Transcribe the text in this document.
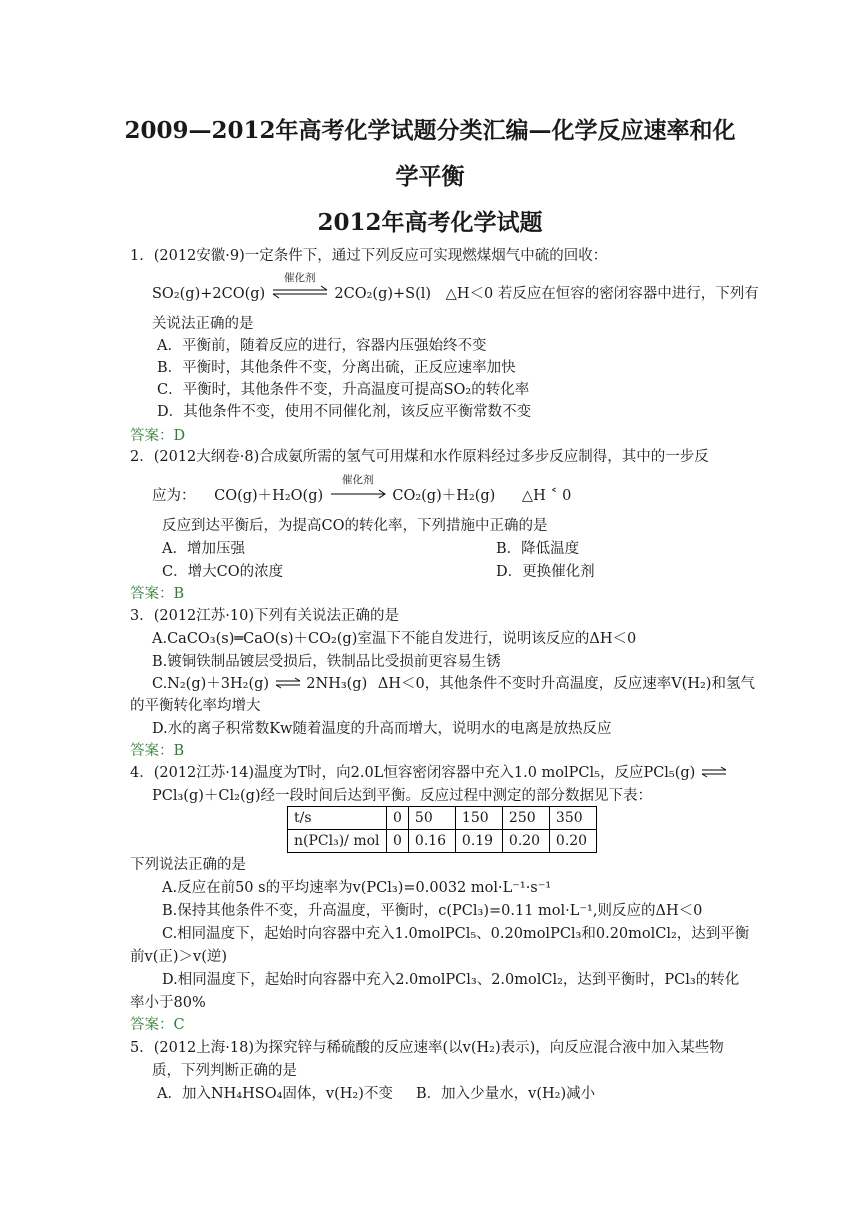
2009—2012年高考化学试题分类汇编—化学反应速率和化
学平衡
2012年高考化学试题
1．(2012安徽·9)一定条件下，通过下列反应可实现燃煤烟气中硫的回收：
SO₂(g)+2CO(g)
催化剂
2CO₂(g)+S(l) △H＜0 若反应在恒容的密闭容器中进行，下列有
关说法正确的是
A．平衡前，随着反应的进行，容器内压强始终不变
B．平衡时，其他条件不变，分离出硫，正反应速率加快
C．平衡时，其他条件不变，升高温度可提高SO₂的转化率
D．其他条件不变，使用不同催化剂，该反应平衡常数不变
答案：D
2．(2012大纲卷·8)合成氨所需的氢气可用煤和水作原料经过多步反应制得，其中的一步反
应为： CO(g)＋H₂O(g)
催化剂
CO₂(g)＋H₂(g) △H ˂ 0
反应到达平衡后，为提高CO的转化率，下列措施中正确的是
A．增加压强	B．降低温度
C．增大CO的浓度	D．更换催化剂
答案：B
3．(2012江苏·10)下列有关说法正确的是
A.CaCO₃(s)═CaO(s)＋CO₂(g)室温下不能自发进行，说明该反应的ΔH＜0
B.镀铜铁制品镀层受损后，铁制品比受损前更容易生锈
C.N₂(g)＋3H₂(g)	2NH₃(g) ΔH＜0，其他条件不变时升高温度，反应速率V(H₂)和氢气
的平衡转化率均增大
D.水的离子积常数Kw随着温度的升高而增大，说明水的电离是放热反应
答案：B
4．(2012江苏·14)温度为T时，向2.0L恒容密闭容器中充入1.0 molPCl₅，反应PCl₅(g)
PCl₃(g)＋Cl₂(g)经一段时间后达到平衡。反应过程中测定的部分数据见下表：
t/s	0	50	150	250	350
n(PCl₃)/ mol	0	0.16	0.19	0.20	0.20
下列说法正确的是
A.反应在前50 s的平均速率为v(PCl₃)=0.0032 mol·L⁻¹·s⁻¹
B.保持其他条件不变，升高温度，平衡时，c(PCl₃)=0.11 mol·L⁻¹,则反应的ΔH＜0
C.相同温度下，起始时向容器中充入1.0molPCl₅、0.20molPCl₃和0.20molCl₂，达到平衡
前v(正)＞v(逆)
D.相同温度下，起始时向容器中充入2.0molPCl₃、2.0molCl₂，达到平衡时，PCl₃的转化
率小于80%
答案：C
5．(2012上海·18)为探究锌与稀硫酸的反应速率(以v(H₂)表示)，向反应混合液中加入某些物
质，下列判断正确的是
A．加入NH₄HSO₄固体，v(H₂)不变 B．加入少量水，v(H₂)减小
